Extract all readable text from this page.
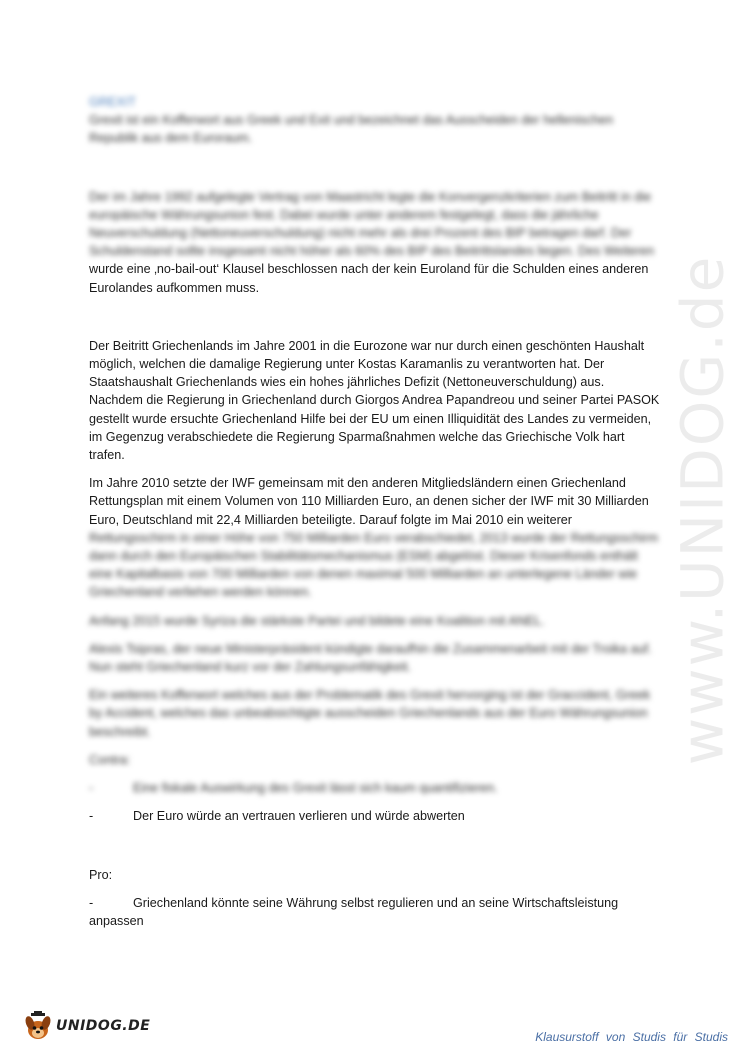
www.UNIDOG.de

GREXIT

Grexit ist ein Kofferwort aus Greek und Exit und bezeichnet das Ausscheiden der hellenischen Republik aus dem Euroraum.

Der im Jahre 1992 aufgelegte Vertrag von Maastricht legte die Konvergenzkriterien zum Beitritt in die europäische Währungsunion fest. Dabei wurde unter anderem festgelegt, dass die jährliche Neuverschuldung (Nettoneuverschuldung) nicht mehr als drei Prozent des BIP betragen darf. Der Schuldenstand sollte insgesamt nicht höher als 60% des BIP des Beitrittslandes liegen. Des Weiteren

wurde eine ‚no-bail-out‘ Klausel beschlossen nach der kein Euroland für die Schulden eines anderen Eurolandes aufkommen muss.

Der Beitritt Griechenlands im Jahre 2001 in die Eurozone war nur durch einen geschönten Haushalt möglich, welchen die damalige Regierung unter Kostas Karamanlis zu verantworten hat. Der Staatshaushalt Griechenlands wies ein hohes jährliches Defizit (Nettoneuverschuldung) aus. Nachdem die Regierung in Griechenland durch Giorgos Andrea Papandreou und seiner Partei PASOK gestellt wurde ersuchte Griechenland Hilfe bei der EU um einen Illiquidität des Landes zu vermeiden, im Gegenzug verabschiedete die Regierung Sparmaßnahmen welche das Griechische Volk hart trafen.

Im Jahre 2010 setzte der IWF gemeinsam mit den anderen Mitgliedsländern einen Griechenland Rettungsplan mit einem Volumen von 110 Milliarden Euro, an denen sicher der IWF mit 30 Milliarden Euro, Deutschland mit 22,4 Milliarden beteiligte. Darauf folgte im Mai 2010 ein weiterer

Rettungsschirm in einer Höhe von 750 Milliarden Euro verabschiedet, 2013 wurde der Rettungsschirm dann durch den Europäischen Stabilitätsmechanismus (ESM) abgelöst. Dieser Krisenfonds enthält eine Kapitalbasis von 700 Milliarden von denen maximal 500 Milliarden an unterlegene Länder wie Griechenland verliehen werden können.

Anfang 2015 wurde Syriza die stärkste Partei und bildete eine Koalition mit ANEL.

Alexis Tsipras, der neue Ministerpräsident kündigte daraufhin die Zusammenarbeit mit der Troika auf. Nun steht Griechenland kurz vor der Zahlungsunfähigkeit.

Ein weiteres Kofferwort welches aus der Problematik des Grexit hervorging ist der Graccident, Greek by Accident, welches das unbeabsichtigte ausscheiden Griechenlands aus der Euro Währungsunion beschreibt.

Contra:

-	Eine fiskale Auswirkung des Grexit lässt sich kaum quantifizieren.
-	Der Euro würde an vertrauen verlieren und würde abwerten

Pro:

-	Griechenland könnte seine Währung selbst regulieren und an seine Wirtschaftsleistung anpassen
UNIDOG.DE
Klausurstoff von Studis für Studis
